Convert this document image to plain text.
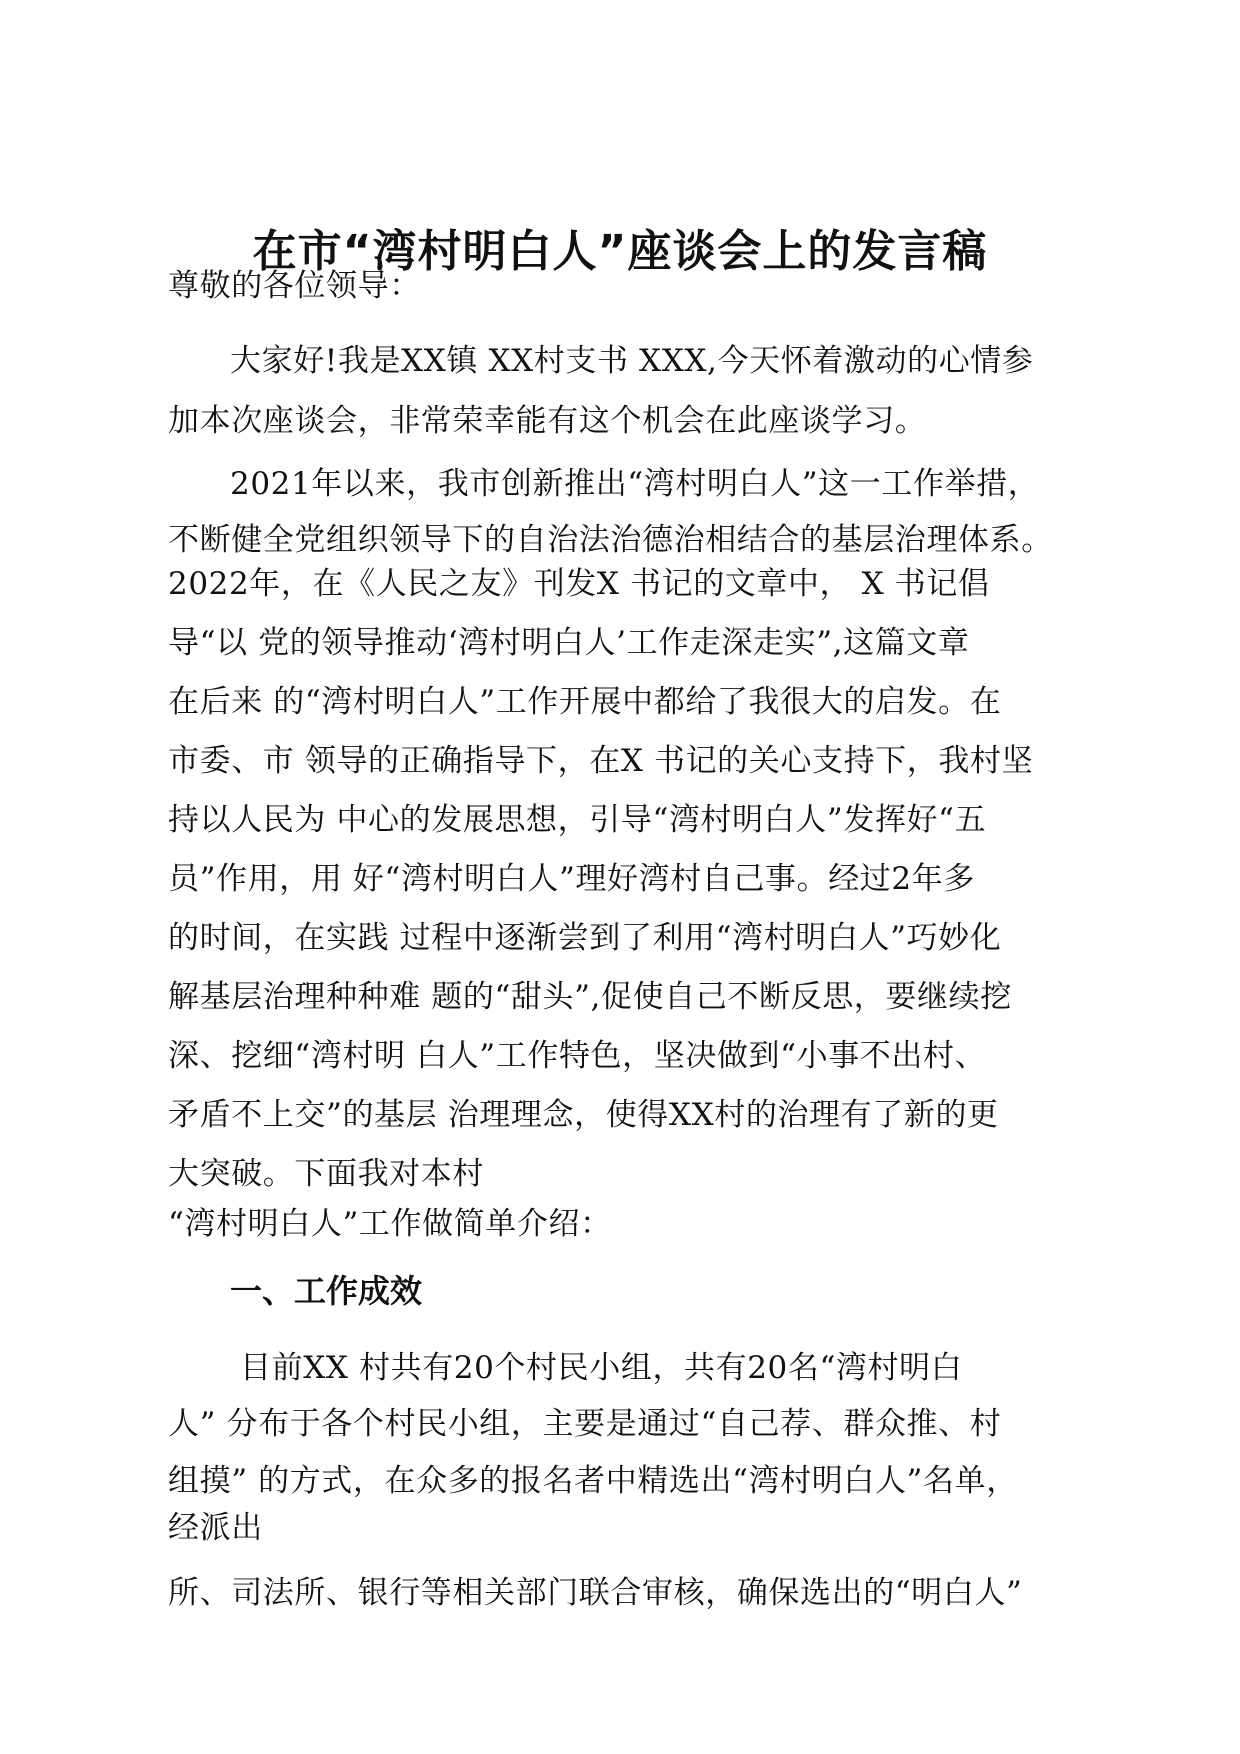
在市“湾村明白人”座谈会上的发言稿
尊敬的各位领导：
大家好!我是XX镇 XX村支书 XXX,今天怀着激动的心情参
加本次座谈会，非常荣幸能有这个机会在此座谈学习。
2021年以来，我市创新推出“湾村明白人”这一工作举措，
不断健全党组织领导下的自治法治德治相结合的基层治理体系。
2022年，在《人民之友》刊发X 书记的文章中， X 书记倡
导“以 党的领导推动‘湾村明白人’工作走深走实”,这篇文章
在后来 的“湾村明白人”工作开展中都给了我很大的启发。在
市委、市 领导的正确指导下，在X 书记的关心支持下，我村坚
持以人民为 中心的发展思想，引导“湾村明白人”发挥好“五
员”作用，用 好“湾村明白人”理好湾村自己事。经过2年多
的时间，在实践 过程中逐渐尝到了利用“湾村明白人”巧妙化
解基层治理种种难 题的“甜头”,促使自己不断反思，要继续挖
深、挖细“湾村明 白人”工作特色，坚决做到“小事不出村、
矛盾不上交”的基层 治理理念，使得XX村的治理有了新的更
大突破。下面我对本村
“湾村明白人”工作做简单介绍：
一、工作成效
目前XX 村共有20个村民小组，共有20名“湾村明白
人” 分布于各个村民小组，主要是通过“自己荐、群众推、村
组摸” 的方式，在众多的报名者中精选出“湾村明白人”名单，
经派出
所、司法所、银行等相关部门联合审核，确保选出的“明白人”
